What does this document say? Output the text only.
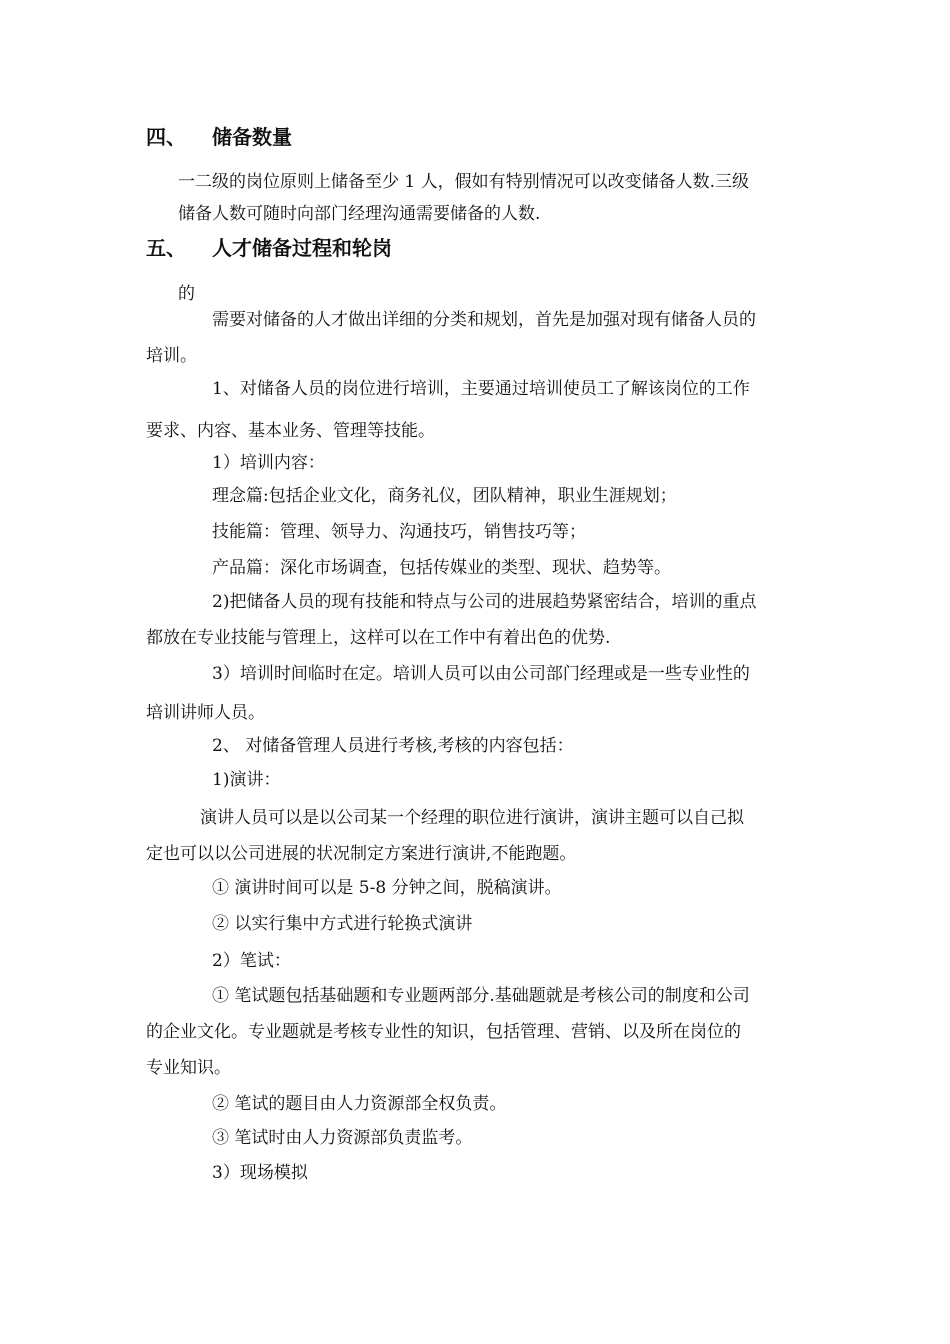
四、 储备数量
一二级的岗位原则上储备至少 1 人，假如有特别情况可以改变储备人数.三级
储备人数可随时向部门经理沟通需要储备的人数.
五、 人才储备过程和轮岗
的
需要对储备的人才做出详细的分类和规划，首先是加强对现有储备人员的
培训。
1、对储备人员的岗位进行培训，主要通过培训使员工了解该岗位的工作
要求、内容、基本业务、管理等技能。
1）培训内容：
理念篇:包括企业文化，商务礼仪，团队精神，职业生涯规划；
技能篇：管理、领导力、沟通技巧，销售技巧等；
产品篇：深化市场调查，包括传媒业的类型、现状、趋势等。
2)把储备人员的现有技能和特点与公司的进展趋势紧密结合，培训的重点
都放在专业技能与管理上，这样可以在工作中有着出色的优势.
3）培训时间临时在定。培训人员可以由公司部门经理或是一些专业性的
培训讲师人员。
2、 对储备管理人员进行考核,考核的内容包括：
1)演讲：
演讲人员可以是以公司某一个经理的职位进行演讲，演讲主题可以自己拟
定也可以以公司进展的状况制定方案进行演讲,不能跑题。
① 演讲时间可以是 5-8 分钟之间，脱稿演讲。
② 以实行集中方式进行轮换式演讲
2）笔试：
① 笔试题包括基础题和专业题两部分.基础题就是考核公司的制度和公司
的企业文化。专业题就是考核专业性的知识，包括管理、营销、以及所在岗位的
专业知识。
② 笔试的题目由人力资源部全权负责。
③ 笔试时由人力资源部负责监考。
3）现场模拟
